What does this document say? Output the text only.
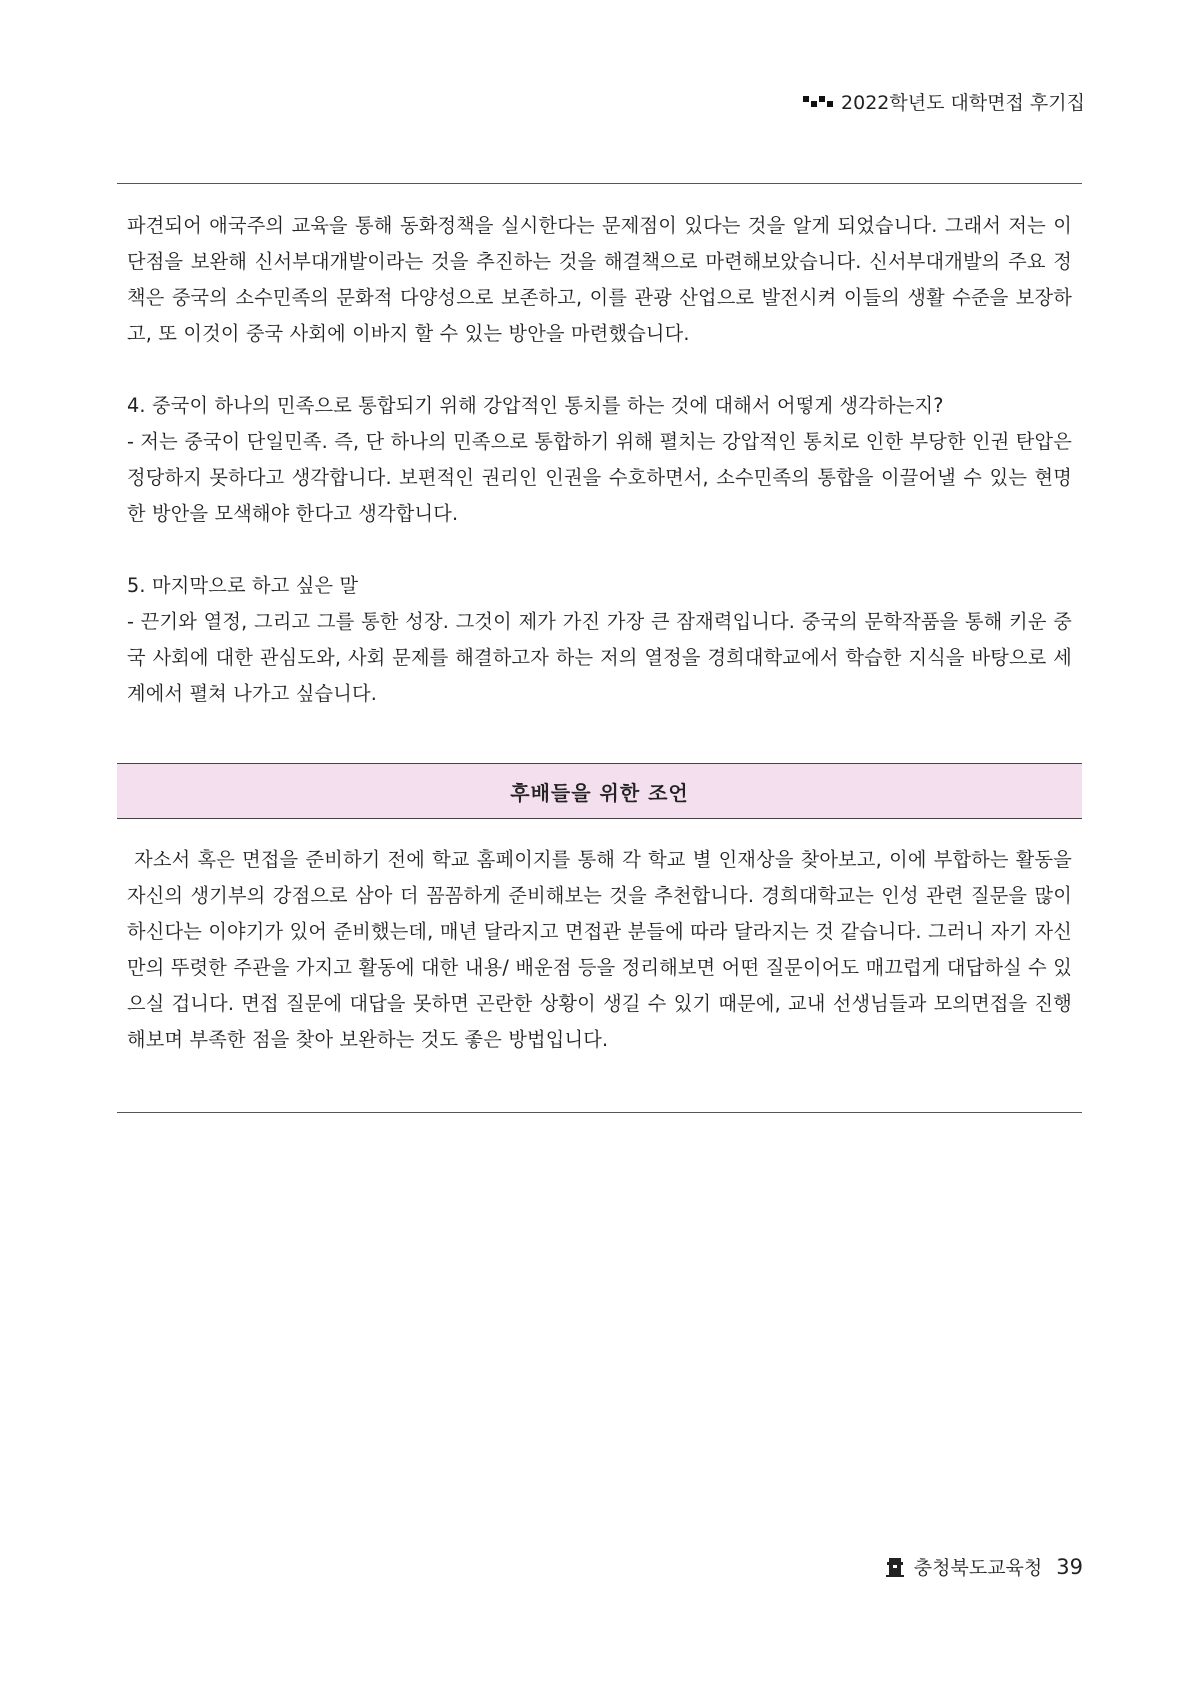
2022학년도 대학면접 후기집

파견되어 애국주의 교육을 통해 동화정책을 실시한다는 문제점이 있다는 것을 알게 되었습니다. 그래서 저는 이 단점을 보완해 신서부대개발이라는 것을 추진하는 것을 해결책으로 마련해보았습니다. 신서부대개발의 주요 정책은 중국의 소수민족의 문화적 다양성으로 보존하고, 이를 관광 산업으로 발전시켜 이들의 생활 수준을 보장하고, 또 이것이 중국 사회에 이바지 할 수 있는 방안을 마련했습니다.

4. 중국이 하나의 민족으로 통합되기 위해 강압적인 통치를 하는 것에 대해서 어떻게 생각하는지?

- 저는 중국이 단일민족. 즉, 단 하나의 민족으로 통합하기 위해 펼치는 강압적인 통치로 인한 부당한 인권 탄압은 정당하지 못하다고 생각합니다. 보편적인 권리인 인권을 수호하면서, 소수민족의 통합을 이끌어낼 수 있는 현명한 방안을 모색해야 한다고 생각합니다.

5. 마지막으로 하고 싶은 말

- 끈기와 열정, 그리고 그를 통한 성장. 그것이 제가 가진 가장 큰 잠재력입니다. 중국의 문학작품을 통해 키운 중국 사회에 대한 관심도와, 사회 문제를 해결하고자 하는 저의 열정을 경희대학교에서 학습한 지식을 바탕으로 세계에서 펼쳐 나가고 싶습니다.

후배들을 위한 조언

자소서 혹은 면접을 준비하기 전에 학교 홈페이지를 통해 각 학교 별 인재상을 찾아보고, 이에 부합하는 활동을 자신의 생기부의 강점으로 삼아 더 꼼꼼하게 준비해보는 것을 추천합니다. 경희대학교는 인성 관련 질문을 많이 하신다는 이야기가 있어 준비했는데, 매년 달라지고 면접관 분들에 따라 달라지는 것 같습니다. 그러니 자기 자신만의 뚜렷한 주관을 가지고 활동에 대한 내용/ 배운점 등을 정리해보면 어떤 질문이어도 매끄럽게 대답하실 수 있으실 겁니다. 면접 질문에 대답을 못하면 곤란한 상황이 생길 수 있기 때문에, 교내 선생님들과 모의면접을 진행해보며 부족한 점을 찾아 보완하는 것도 좋은 방법입니다.

충청북도교육청 39
